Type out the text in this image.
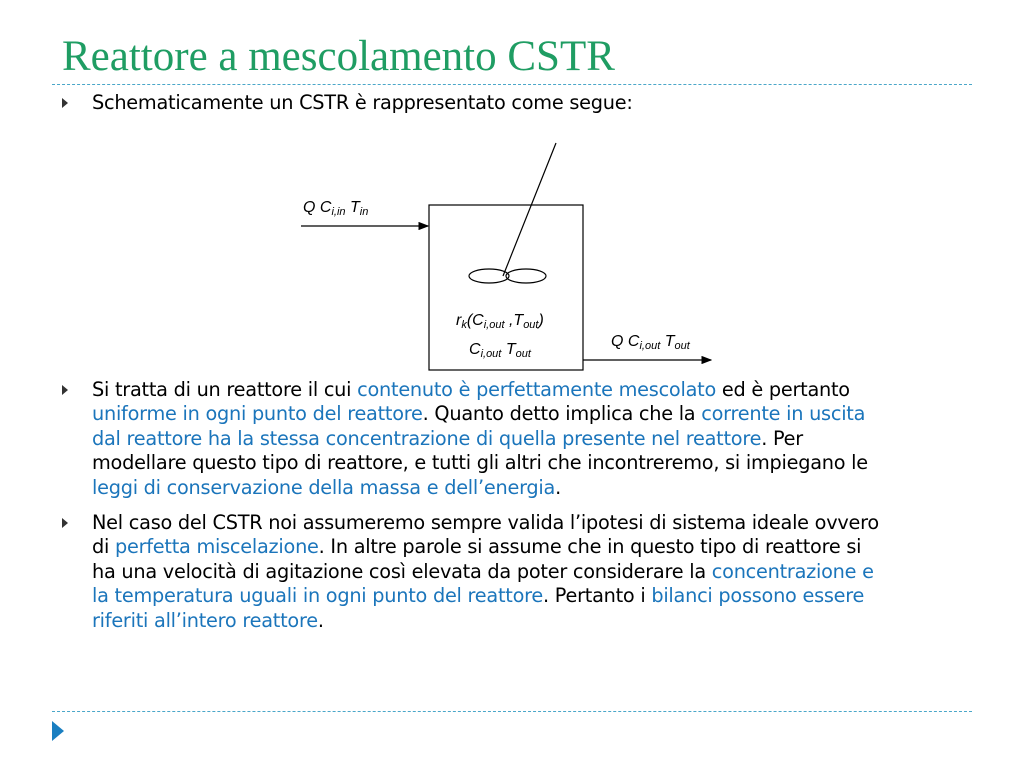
Reattore a mescolamento CSTR
Schematicamente un CSTR è rappresentato come segue:
Q $C_{i,in}$ $T_{in}$
$r_k(C_{i,out}$ $,T_{out}$)
$C_{i,out}$ $T_{out}$
Q $C_{i,out}$ $T_{out}$
Si tratta di un reattore il cui contenuto è perfettamente mescolato ed è pertanto
uniforme in ogni punto del reattore. Quanto detto implica che la corrente in uscita
dal reattore ha la stessa concentrazione di quella presente nel reattore. Per
modellare questo tipo di reattore, e tutti gli altri che incontreremo, si impiegano le
leggi di conservazione della massa e dell’energia.
Nel caso del CSTR noi assumeremo sempre valida l’ipotesi di sistema ideale ovvero
di perfetta miscelazione. In altre parole si assume che in questo tipo di reattore si
ha una velocità di agitazione così elevata da poter considerare la concentrazione e
la temperatura uguali in ogni punto del reattore. Pertanto i bilanci possono essere
riferiti all’intero reattore.
